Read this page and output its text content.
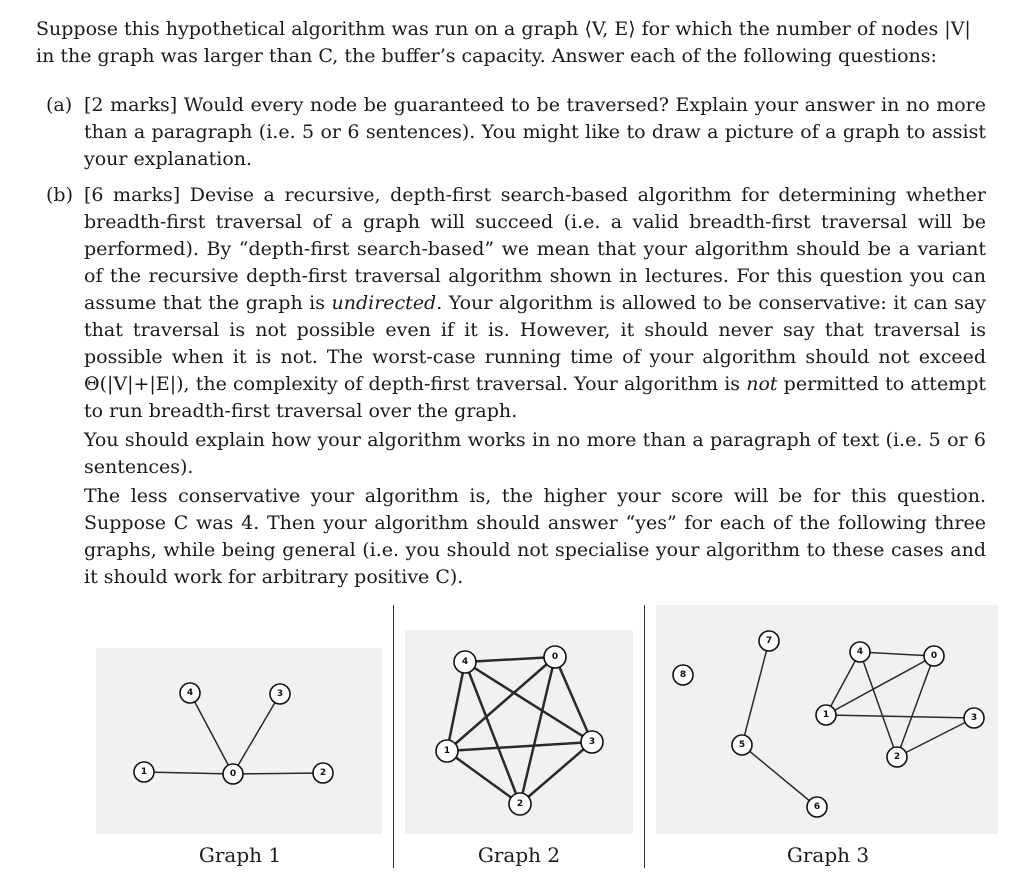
Suppose this hypothetical algorithm was run on a graph ⟨V, E⟩ for which the number of nodes |V|
in the graph was larger than C, the buffer’s capacity. Answer each of the following questions:
(a) [2 marks] Would every node be guaranteed to be traversed? Explain your answer in no more than a paragraph (i.e. 5 or 6 sentences). You might like to draw a picture of a graph to assist your explanation.
(b) [6 marks] Devise a recursive, depth-first search-based algorithm for determining whether breadth-first traversal of a graph will succeed (i.e. a valid breadth-first traversal will be performed). By “depth-first search-based” we mean that your algorithm should be a variant of the recursive depth-first traversal algorithm shown in lectures. For this question you can assume that the graph is undirected. Your algorithm is allowed to be conservative: it can say that traversal is not possible even if it is. However, it should never say that traversal is possible when it is not. The worst-case running time of your algorithm should not exceed Θ(|V|+|E|), the complexity of depth-first traversal. Your algorithm is not permitted to attempt to run breadth-first traversal over the graph.
You should explain how your algorithm works in no more than a paragraph of text (i.e. 5 or 6 sentences).
The less conservative your algorithm is, the higher your score will be for this question. Suppose C was 4. Then your algorithm should answer “yes” for each of the following three graphs, while being general (i.e. you should not specialise your algorithm to these cases and it should work for arbitrary positive C).
0
1	2
3
4
Graph 1
4	0
1
3
2
Graph 2
8
7
5
6
4	0
1	3
2
Graph 3
